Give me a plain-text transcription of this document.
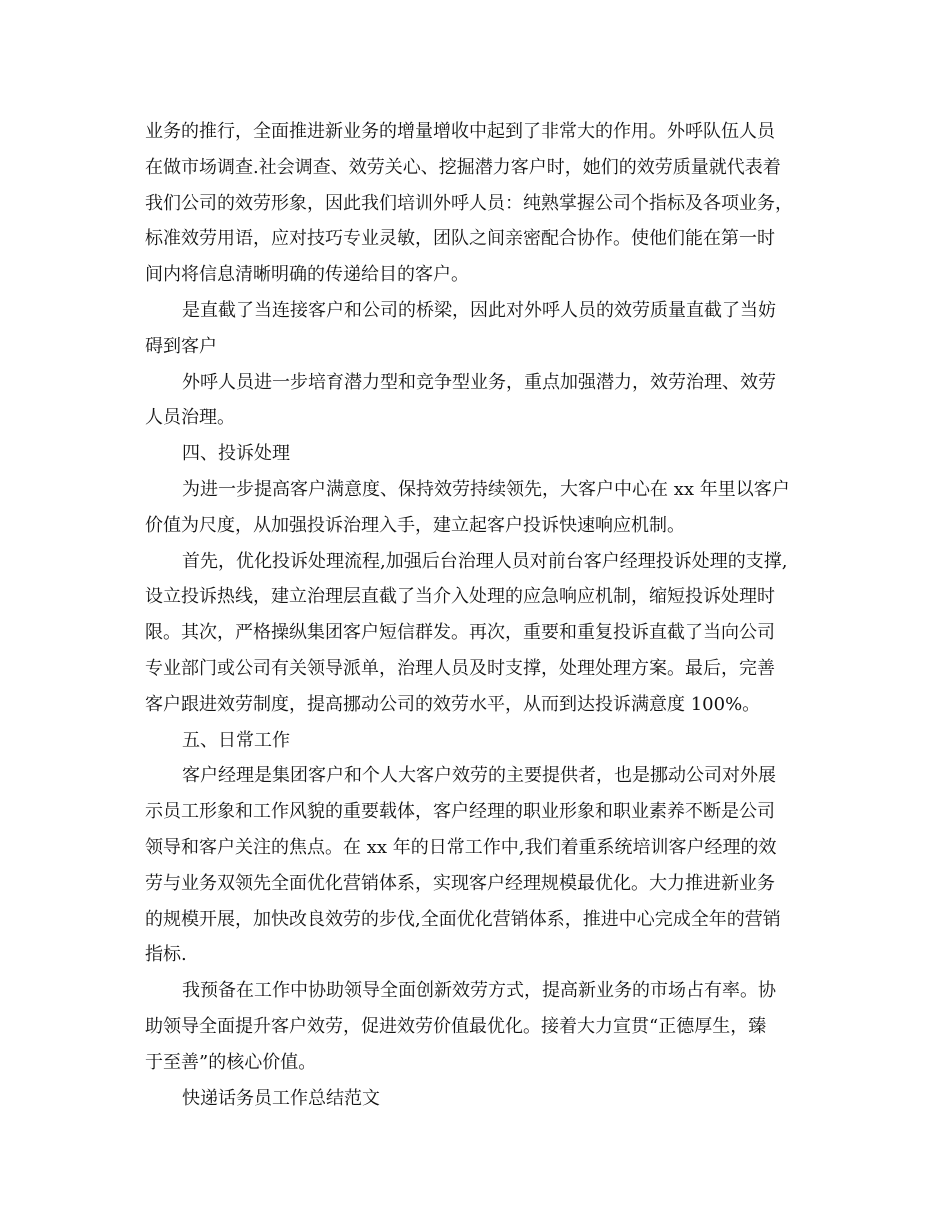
业务的推行，全面推进新业务的增量增收中起到了非常大的作用。外呼队伍人员
在做市场调查.社会调查、效劳关心、挖掘潜力客户时，她们的效劳质量就代表着
我们公司的效劳形象，因此我们培训外呼人员：纯熟掌握公司个指标及各项业务，
标准效劳用语，应对技巧专业灵敏，团队之间亲密配合协作。使他们能在第一时
间内将信息清晰明确的传递给目的客户。

是直截了当连接客户和公司的桥梁，因此对外呼人员的效劳质量直截了当妨
碍到客户

外呼人员进一步培育潜力型和竞争型业务，重点加强潜力，效劳治理、效劳
人员治理。

四、投诉处理

为进一步提高客户满意度、保持效劳持续领先，大客户中心在 xx 年里以客户
价值为尺度，从加强投诉治理入手，建立起客户投诉快速响应机制。

首先，优化投诉处理流程,加强后台治理人员对前台客户经理投诉处理的支撑,
设立投诉热线，建立治理层直截了当介入处理的应急响应机制，缩短投诉处理时
限。其次，严格操纵集团客户短信群发。再次，重要和重复投诉直截了当向公司
专业部门或公司有关领导派单，治理人员及时支撑，处理处理方案。最后，完善
客户跟进效劳制度，提高挪动公司的效劳水平，从而到达投诉满意度 100%。

五、日常工作

客户经理是集团客户和个人大客户效劳的主要提供者，也是挪动公司对外展
示员工形象和工作风貌的重要载体，客户经理的职业形象和职业素养不断是公司
领导和客户关注的焦点。在 xx 年的日常工作中,我们着重系统培训客户经理的效
劳与业务双领先全面优化营销体系，实现客户经理规模最优化。大力推进新业务
的规模开展，加快改良效劳的步伐,全面优化营销体系，推进中心完成全年的营销
指标.

我预备在工作中协助领导全面创新效劳方式，提高新业务的市场占有率。协
助领导全面提升客户效劳，促进效劳价值最优化。接着大力宣贯“正德厚生，臻
于至善”的核心价值。

快递话务员工作总结范文
